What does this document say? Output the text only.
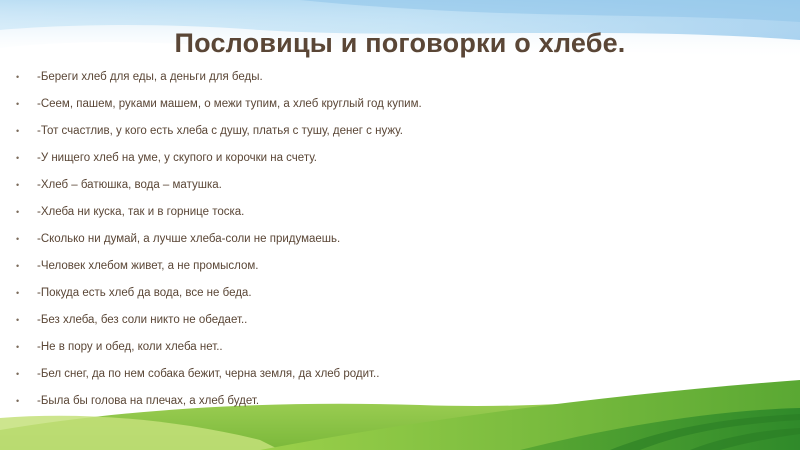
Пословицы и поговорки о хлебе.
• -Береги хлеб для еды, а деньги для беды.
• -Сеем, пашем, руками машем, о межи тупим, а хлеб круглый год купим.
• -Тот счастлив, у кого есть хлеба с душу, платья с тушу, денег с нужу.
• -У нищего хлеб на уме, у скупого и корочки на счету.
• -Хлеб – батюшка, вода – матушка.
• -Хлеба ни куска, так и в горнице тоска.
• -Сколько ни думай, а лучше хлеба-соли не придумаешь.
• -Человек хлебом живет, а не промыслом.
• -Покуда есть хлеб да вода, все не беда.
• -Без хлеба, без соли никто не обедает..
• -Не в пору и обед, коли хлеба нет..
• -Бел снег, да по нем собака бежит, черна земля, да хлеб родит..
• -Была бы голова на плечах, а хлеб будет.
